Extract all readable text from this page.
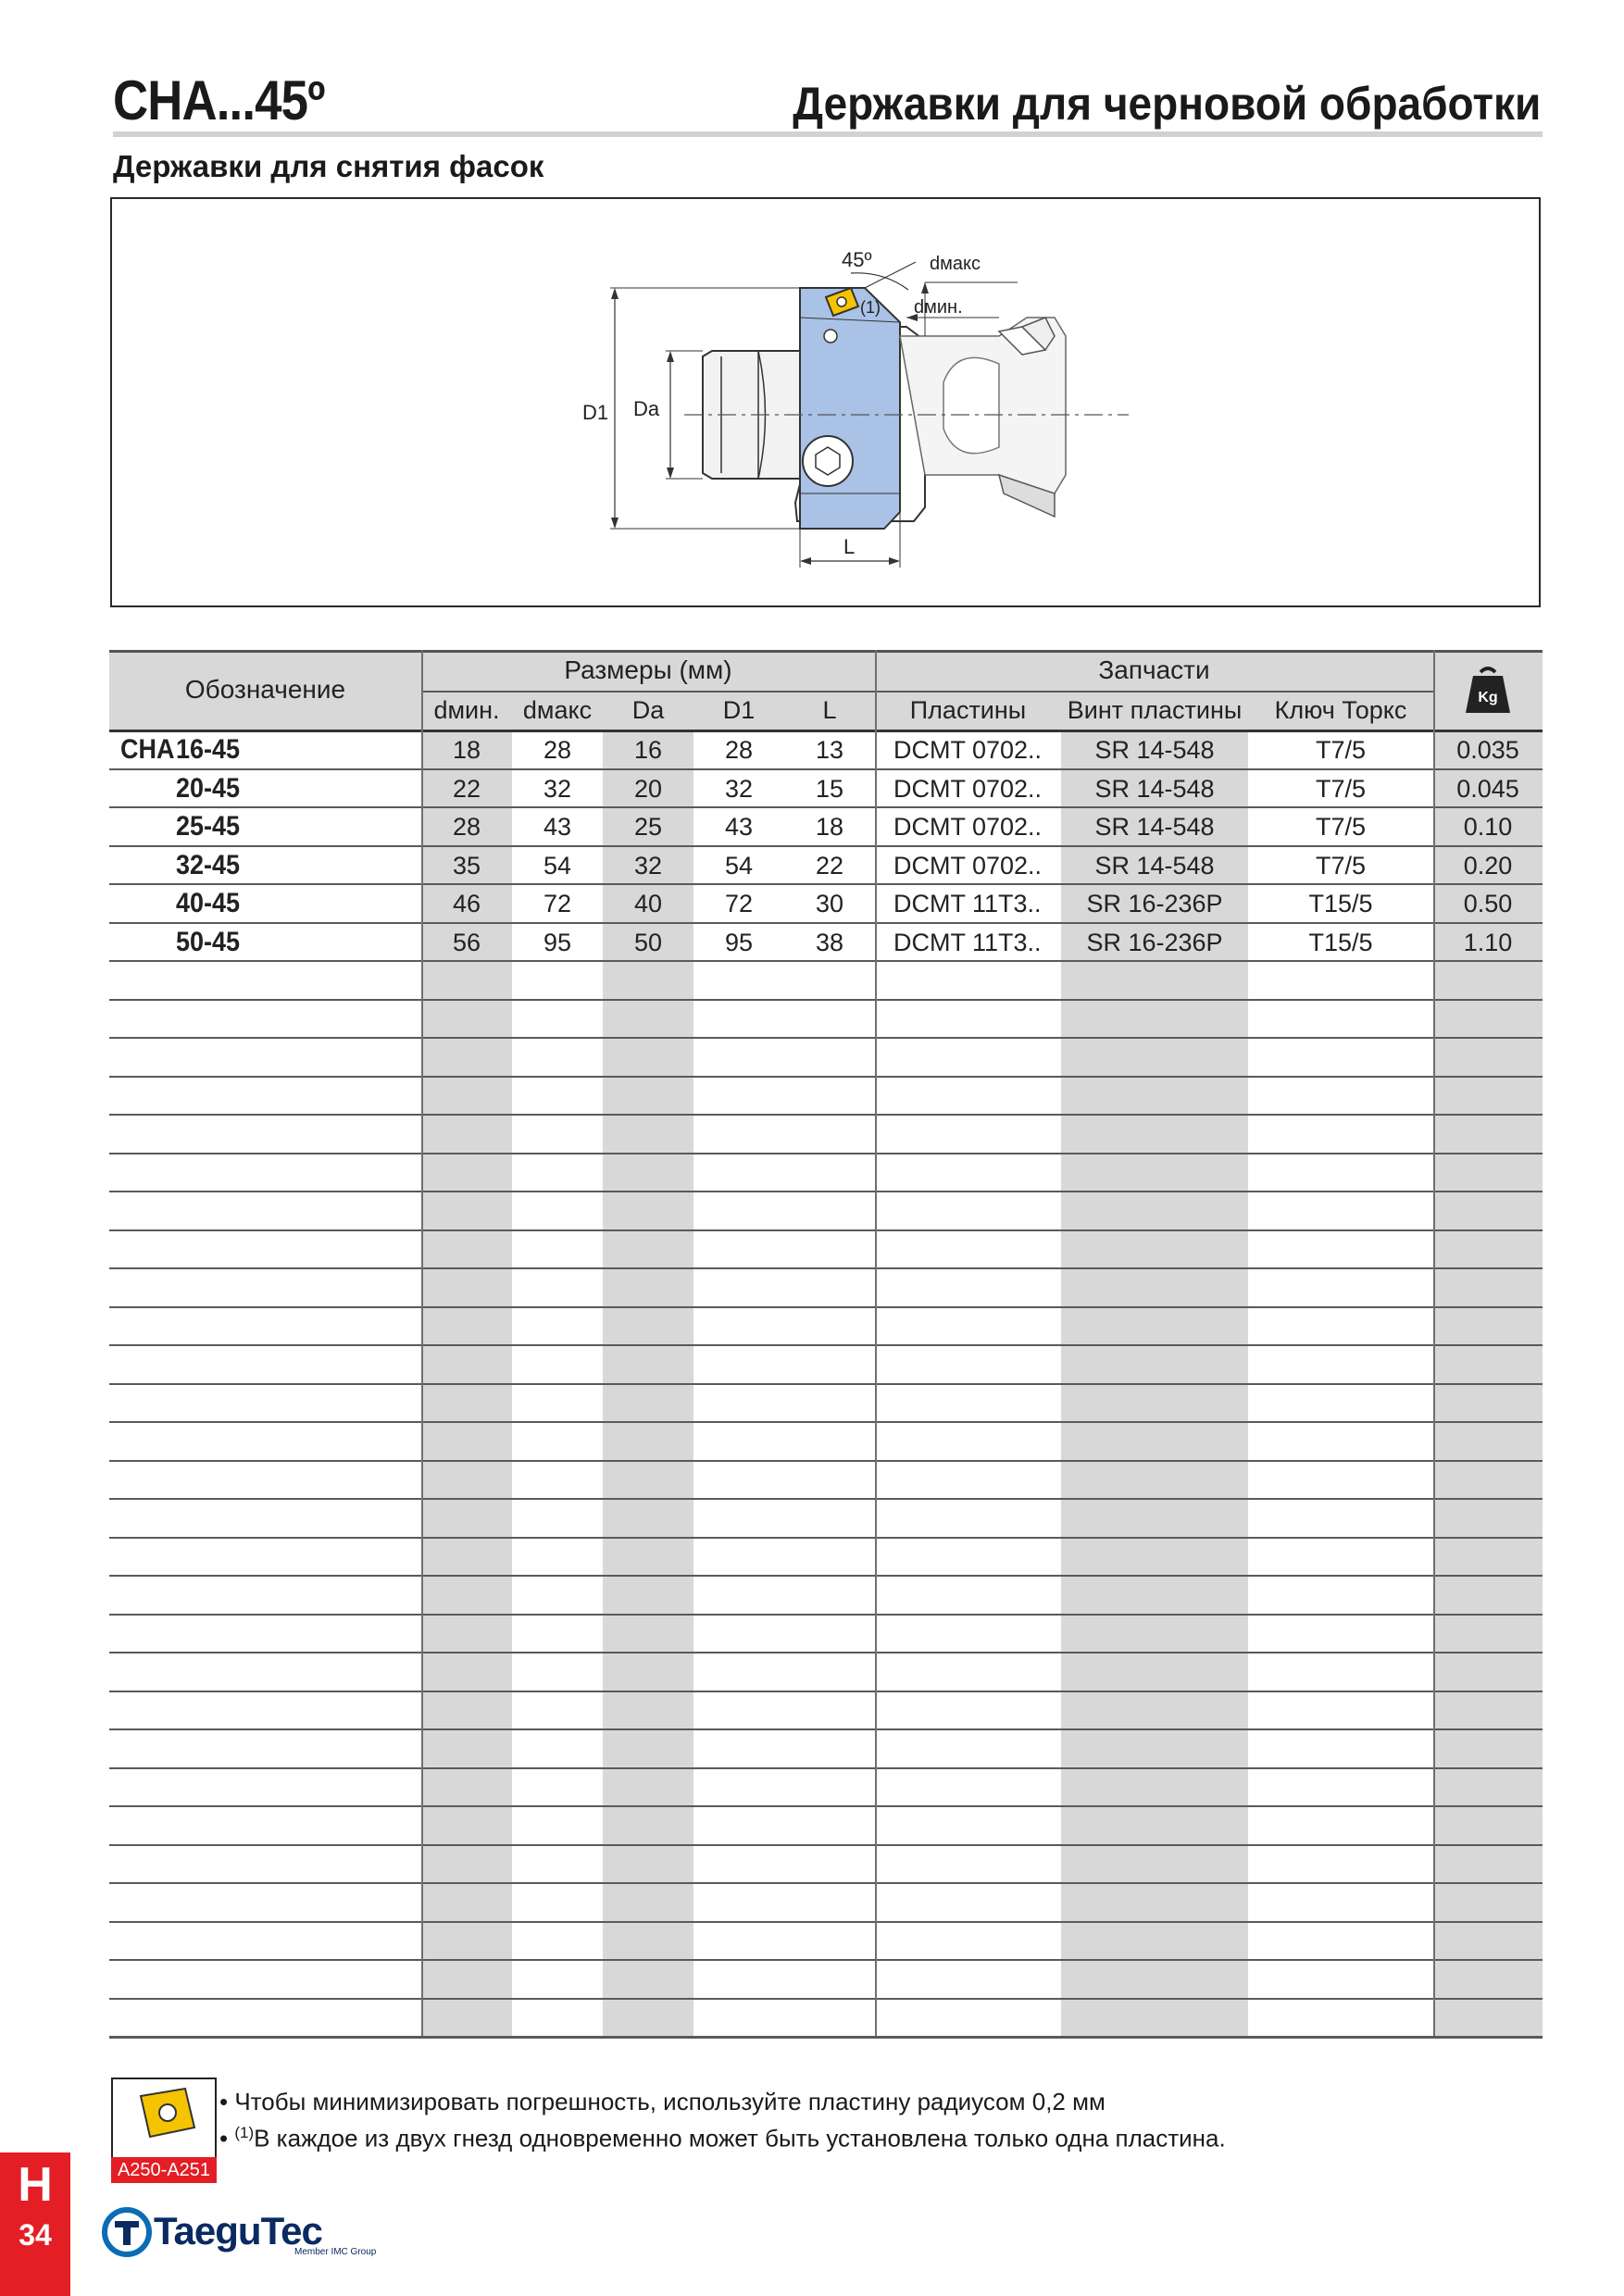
CHA...45º	Державки для черновой обработки
Державки для снятия фасок
45º	dмакс
dмин.
(1)
D1 Da
L
Обозначение
Размеры (мм)	Запчасти
Kg
dмин. dмакс	Da	D1	L	Пластины	Винт пластины	Ключ Торкс
CHA 16-45	18	28	16	28	13	DCMT 0702..	SR 14-548	T7/5	0.035
20-45	22	32	20	32	15	DCMT 0702..	SR 14-548	T7/5	0.045
25-45	28	43	25	43	18	DCMT 0702..	SR 14-548	T7/5	0.10
32-45	35	54	32	54	22	DCMT 0702..	SR 14-548	T7/5	0.20
40-45	46	72	40	72	30	DCMT 11T3..	SR 16-236P	T15/5	0.50
50-45	56	95	50	95	38	DCMT 11T3..	SR 16-236P	T15/5	1.10
A250-A251
• Чтобы минимизировать погрешность, используйте пластину радиусом 0,2 мм
• $^{(1)}$В каждое из двух гнезд одновременно может быть установлена только одна пластина.
H
34	TaeguTec
Member IMC Group
